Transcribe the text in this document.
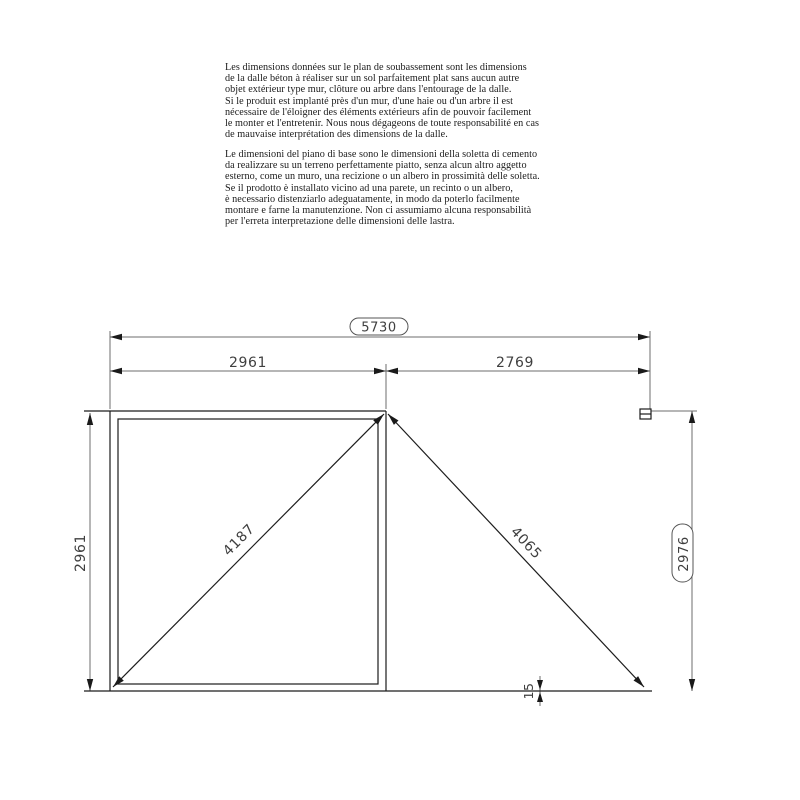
Les dimensions données sur le plan de soubassement sont les dimensions
de la dalle béton à réaliser sur un sol parfaitement plat sans aucun autre
objet extérieur type mur, clôture ou arbre dans l'entourage de la dalle.
Si le produit est implanté près d'un mur, d'une haie ou d'un arbre il est
nécessaire de l'éloigner des éléments extérieurs afin de pouvoir facilement
le monter et l'entretenir. Nous nous dégageons de toute responsabilité en cas
de mauvaise interprétation des dimensions de la dalle.
Le dimensioni del piano di base sono le dimensioni della soletta di cemento
da realizzare su un terreno perfettamente piatto, senza alcun altro aggetto
esterno, come un muro, una recizione o un albero in prossimità delle soletta.
Se il prodotto è installato vicino ad una parete, un recinto o un albero,
è necessario distenziarlo adeguatamente, in modo da poterlo facilmente
montare e farne la manutenzione. Non ci assumiamo alcuna responsabilità
per l'erreta interpretazione delle dimensioni delle lastra.
5730
2976
2961	2769
2961	4187	4065
15
